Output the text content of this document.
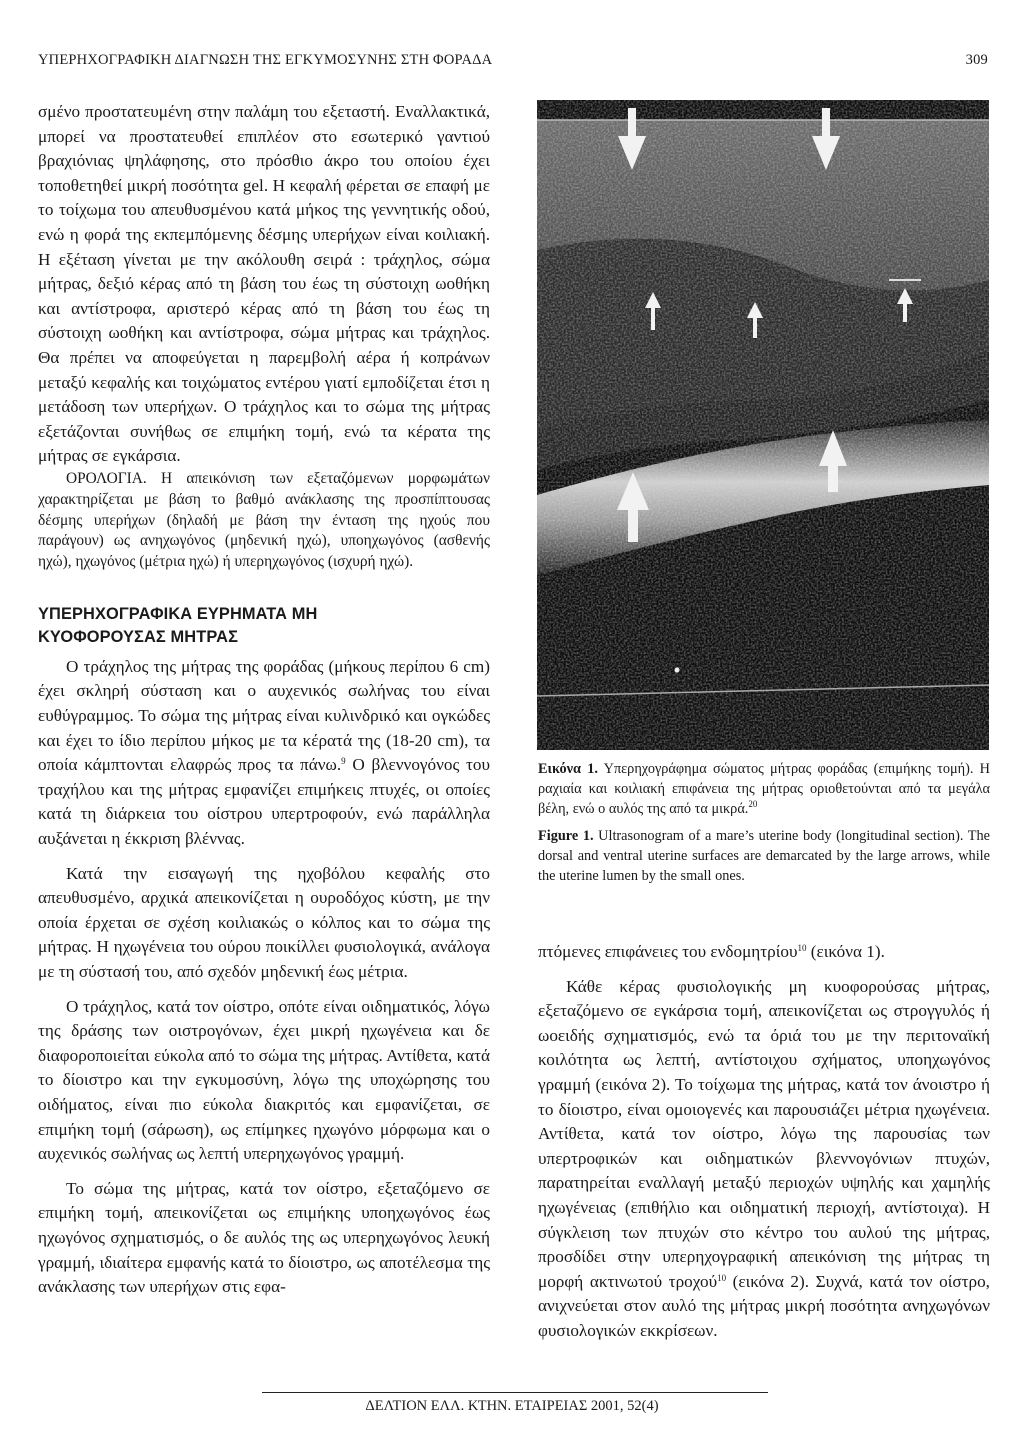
ΥΠΕΡΗΧΟΓΡΑΦΙΚΗ ΔΙΑΓΝΩΣΗ ΤΗΣ ΕΓΚΥΜΟΣΥΝΗΣ ΣΤΗ ΦΟΡΑΔΑ	309

σμένο προστατευμένη στην παλάμη του εξεταστή. Εναλλακτικά, μπορεί να προστατευθεί επιπλέον στο εσωτερικό γαντιού βραχιόνιας ψηλάφησης, στο πρόσθιο άκρο του οποίου έχει τοποθετηθεί μικρή ποσότητα gel. Η κεφαλή φέρεται σε επαφή με το τοίχωμα του απευθυσμένου κατά μήκος της γεννητικής οδού, ενώ η φορά της εκπεμπόμενης δέσμης υπερήχων είναι κοιλιακή. Η εξέταση γίνεται με την ακόλουθη σειρά : τράχηλος, σώμα μήτρας, δεξιό κέρας από τη βάση του έως τη σύστοιχη ωοθήκη και αντίστροφα, αριστερό κέρας από τη βάση του έως τη σύστοιχη ωοθήκη και αντίστροφα, σώμα μήτρας και τράχηλος. Θα πρέπει να αποφεύγεται η παρεμβολή αέρα ή κοπράνων μεταξύ κεφαλής και τοιχώματος εντέρου γιατί εμποδίζεται έτσι η μετάδοση των υπερήχων. Ο τράχηλος και το σώμα της μήτρας εξετάζονται συνήθως σε επιμήκη τομή, ενώ τα κέρατα της μήτρας σε εγκάρσια.

ΟΡΟΛΟΓΙΑ. Η απεικόνιση των εξεταζόμενων μορφωμάτων χαρακτηρίζεται με βάση το βαθμό ανάκλασης της προσπίπτουσας δέσμης υπερήχων (δηλαδή με βάση την ένταση της ηχούς που παράγουν) ως ανηχωγόνος (μηδενική ηχώ), υποηχωγόνος (ασθενής ηχώ), ηχωγόνος (μέτρια ηχώ) ή υπερηχωγόνος (ισχυρή ηχώ).

ΥΠΕΡΗΧΟΓΡΑΦΙΚΑ ΕΥΡΗΜΑΤΑ ΜΗ
ΚΥΟΦΟΡΟΥΣΑΣ ΜΗΤΡΑΣ

Ο τράχηλος της μήτρας της φοράδας (μήκους περίπου 6 cm) έχει σκληρή σύσταση και ο αυχενικός σωλήνας του είναι ευθύγραμμος. Το σώμα της μήτρας είναι κυλινδρικό και ογκώδες και έχει το ίδιο περίπου μήκος με τα κέρατά της (18-20 cm), τα οποία κάμπτονται ελαφρώς προς τα πάνω.$^9$ Ο βλεννογόνος του τραχήλου και της μήτρας εμφανίζει επιμήκεις πτυχές, οι οποίες κατά τη διάρκεια του οίστρου υπερτροφούν, ενώ παράλληλα αυξάνεται η έκκριση βλέννας.

Κατά την εισαγωγή της ηχοβόλου κεφαλής στο απευθυσμένο, αρχικά απεικονίζεται η ουροδόχος κύστη, με την οποία έρχεται σε σχέση κοιλιακώς ο κόλπος και το σώμα της μήτρας. Η ηχωγένεια του ούρου ποικίλλει φυσιολογικά, ανάλογα με τη σύστασή του, από σχεδόν μηδενική έως μέτρια.

Ο τράχηλος, κατά τον οίστρο, οπότε είναι οιδηματικός, λόγω της δράσης των οιστρογόνων, έχει μικρή ηχωγένεια και δε διαφοροποιείται εύκολα από το σώμα της μήτρας. Αντίθετα, κατά το δίοιστρο και την εγκυμοσύνη, λόγω της υποχώρησης του οιδήματος, είναι πιο εύκολα διακριτός και εμφανίζεται, σε επιμήκη τομή (σάρωση), ως επίμηκες ηχωγόνο μόρφωμα και ο αυχενικός σωλήνας ως λεπτή υπερηχωγόνος γραμμή.

Το σώμα της μήτρας, κατά τον οίστρο, εξεταζόμενο σε επιμήκη τομή, απεικονίζεται ως επιμήκης υποηχωγόνος έως ηχωγόνος σχηματισμός, ο δε αυλός της ως υπερηχωγόνος λευκή γραμμή, ιδιαίτερα εμφανής κατά το δίοιστρο, ως αποτέλεσμα της ανάκλασης των υπερήχων στις εφα-

Εικόνα 1. Υπερηχογράφημα σώματος μήτρας φοράδας (επιμήκης τομή). Η ραχιαία και κοιλιακή επιφάνεια της μήτρας οριοθετούνται από τα μεγάλα βέλη, ενώ ο αυλός της από τα μικρά.$^{20}$
Figure 1. Ultrasonogram of a mare’s uterine body (longitudinal section). The dorsal and ventral uterine surfaces are demarcated by the large arrows, while the uterine lumen by the small ones.

πτόμενες επιφάνειες του ενδομητρίου$^{10}$ (εικόνα 1).

Κάθε κέρας φυσιολογικής μη κυοφορούσας μήτρας, εξεταζόμενο σε εγκάρσια τομή, απεικονίζεται ως στρογγυλός ή ωοειδής σχηματισμός, ενώ τα όριά του με την περιτοναϊκή κοιλότητα ως λεπτή, αντίστοιχου σχήματος, υποηχωγόνος γραμμή (εικόνα 2). Το τοίχωμα της μήτρας, κατά τον άνοιστρο ή το δίοιστρο, είναι ομοιογενές και παρουσιάζει μέτρια ηχωγένεια. Αντίθετα, κατά τον οίστρο, λόγω της παρουσίας των υπερτροφικών και οιδηματικών βλεννογόνιων πτυχών, παρατηρείται εναλλαγή μεταξύ περιοχών υψηλής και χαμηλής ηχωγένειας (επιθήλιο και οιδηματική περιοχή, αντίστοιχα). Η σύγκλειση των πτυχών στο κέντρο του αυλού της μήτρας, προσδίδει στην υπερηχογραφική απεικόνιση της μήτρας τη μορφή ακτινωτού τροχού$^{10}$ (εικόνα 2). Συχνά, κατά τον οίστρο, ανιχνεύεται στον αυλό της μήτρας μικρή ποσότητα ανηχωγόνων φυσιολογικών εκκρίσεων.

ΔΕΛΤΙΟΝ ΕΛΛ. ΚΤΗΝ. ΕΤΑΙΡΕΙΑΣ 2001, 52(4)
